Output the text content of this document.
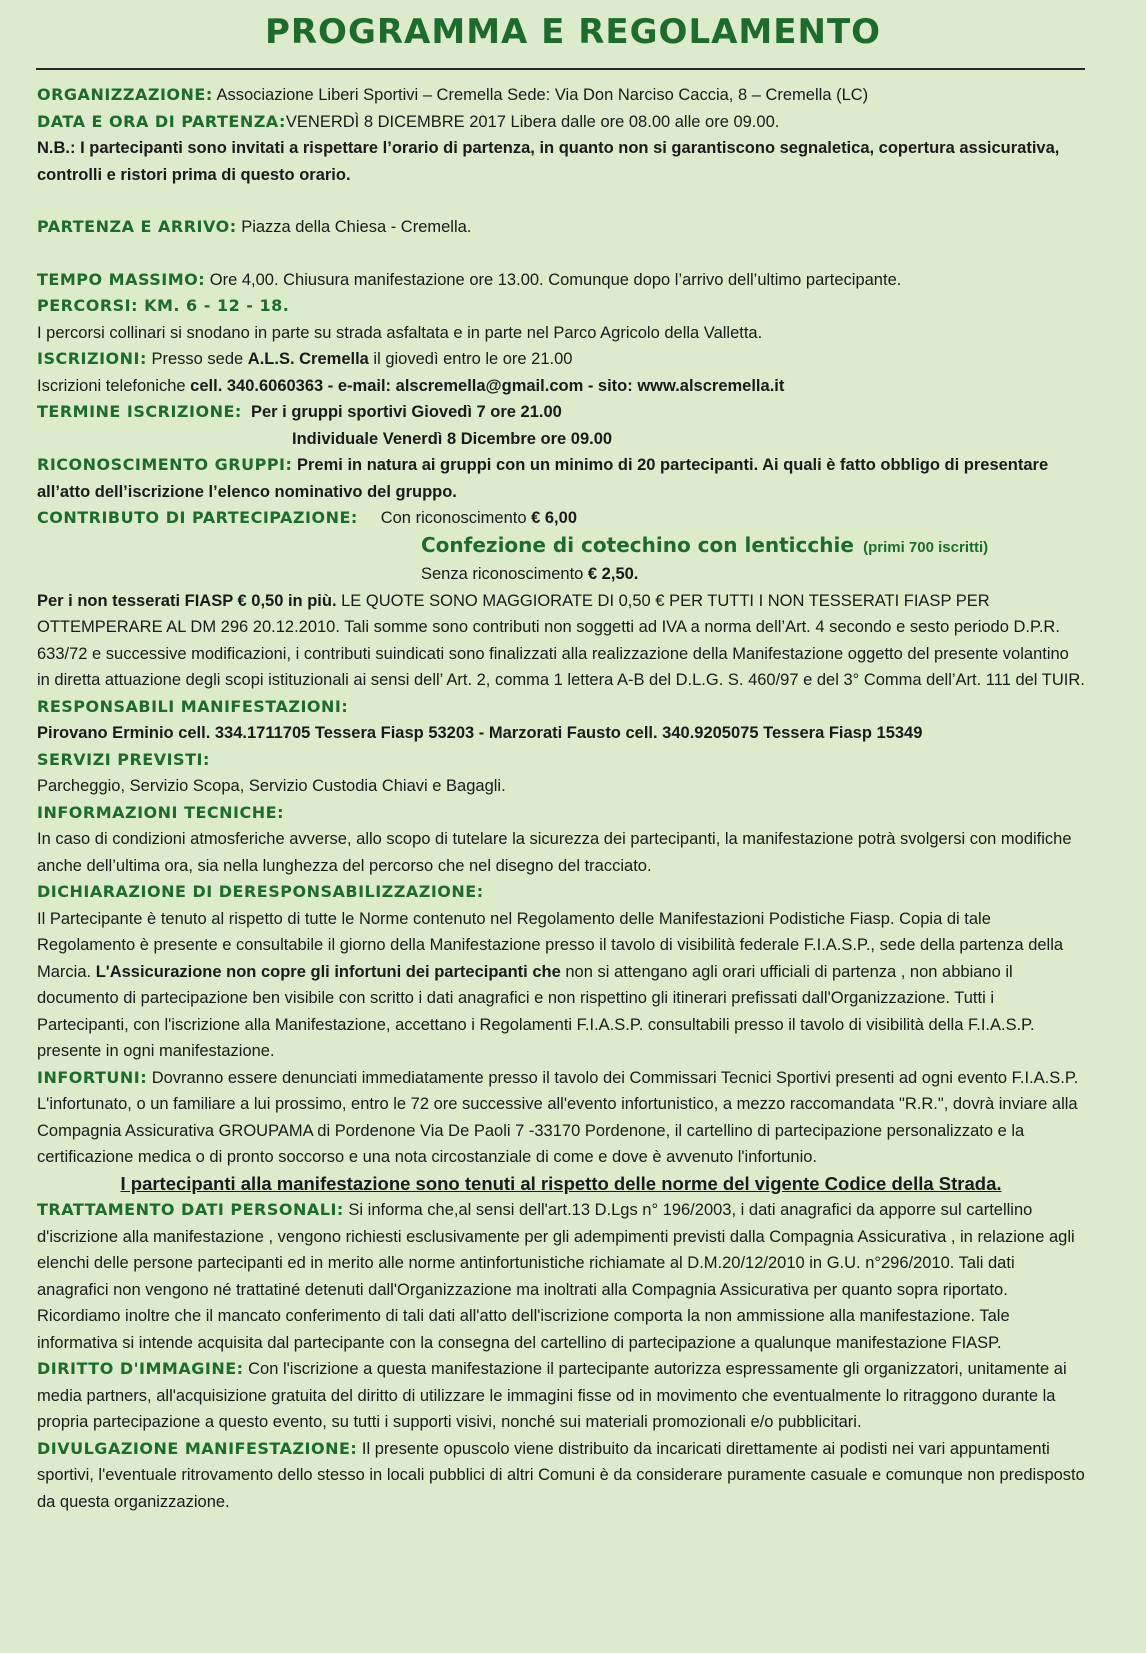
PROGRAMMA E REGOLAMENTO

ORGANIZZAZIONE: Associazione Liberi Sportivi – Cremella Sede: Via Don Narciso Caccia, 8 – Cremella (LC)

DATA E ORA DI PARTENZA:VENERDÌ 8 DICEMBRE 2017 Libera dalle ore 08.00 alle ore 09.00.

N.B.: I partecipanti sono invitati a rispettare l’orario di partenza, in quanto non si garantiscono segnaletica, copertura assicurativa, controlli e ristori prima di questo orario.

PARTENZA E ARRIVO: Piazza della Chiesa - Cremella.

TEMPO MASSIMO: Ore 4,00. Chiusura manifestazione ore 13.00. Comunque dopo l’arrivo dell’ultimo partecipante.

PERCORSI: KM. 6 - 12 - 18.

I percorsi collinari si snodano in parte su strada asfaltata e in parte nel Parco Agricolo della Valletta.

ISCRIZIONI: Presso sede A.L.S. Cremella il giovedì entro le ore 21.00

Iscrizioni telefoniche cell. 340.6060363 - e-mail: alscremella@gmail.com - sito: www.alscremella.it

TERMINE ISCRIZIONE: Per i gruppi sportivi Giovedì 7 ore 21.00

Individuale Venerdì 8 Dicembre ore 09.00

RICONOSCIMENTO GRUPPI: Premi in natura ai gruppi con un minimo di 20 partecipanti. Ai quali è fatto obbligo di presentare all’atto dell’iscrizione l’elenco nominativo del gruppo.

CONTRIBUTO DI PARTECIPAZIONE: Con riconoscimento € 6,00

Confezione di cotechino con lenticchie (primi 700 iscritti)

Senza riconoscimento € 2,50.

Per i non tesserati FIASP € 0,50 in più. LE QUOTE SONO MAGGIORATE DI 0,50 € PER TUTTI I NON TESSERATI FIASP PER OTTEMPERARE AL DM 296 20.12.2010. Tali somme sono contributi non soggetti ad IVA a norma dell’Art. 4 secondo e sesto periodo D.P.R. 633/72 e successive modificazioni, i contributi suindicati sono finalizzati alla realizzazione della Manifestazione oggetto del presente volantino in diretta attuazione degli scopi istituzionali ai sensi dell’ Art. 2, comma 1 lettera A-B del D.L.G. S. 460/97 e del 3° Comma dell’Art. 111 del TUIR.

RESPONSABILI MANIFESTAZIONI:

Pirovano Erminio cell. 334.1711705 Tessera Fiasp 53203 - Marzorati Fausto cell. 340.9205075 Tessera Fiasp 15349

SERVIZI PREVISTI:

Parcheggio, Servizio Scopa, Servizio Custodia Chiavi e Bagagli.

INFORMAZIONI TECNICHE:

In caso di condizioni atmosferiche avverse, allo scopo di tutelare la sicurezza dei partecipanti, la manifestazione potrà svolgersi con modifiche anche dell’ultima ora, sia nella lunghezza del percorso che nel disegno del tracciato.

DICHIARAZIONE DI DERESPONSABILIZZAZIONE:

Il Partecipante è tenuto al rispetto di tutte le Norme contenuto nel Regolamento delle Manifestazioni Podistiche Fiasp. Copia di tale Regolamento è presente e consultabile il giorno della Manifestazione presso il tavolo di visibilità federale F.I.A.S.P., sede della partenza della Marcia. L'Assicurazione non copre gli infortuni dei partecipanti che non si attengano agli orari ufficiali di partenza , non abbiano il documento di partecipazione ben visibile con scritto i dati anagrafici e non rispettino gli itinerari prefissati dall'Organizzazione. Tutti i Partecipanti, con l'iscrizione alla Manifestazione, accettano i Regolamenti F.I.A.S.P. consultabili presso il tavolo di visibilità della F.I.A.S.P. presente in ogni manifestazione.

INFORTUNI: Dovranno essere denunciati immediatamente presso il tavolo dei Commissari Tecnici Sportivi presenti ad ogni evento F.I.A.S.P. L'infortunato, o un familiare a lui prossimo, entro le 72 ore successive all'evento infortunistico, a mezzo raccomandata "R.R.", dovrà inviare alla Compagnia Assicurativa GROUPAMA di Pordenone Via De Paoli 7 -33170 Pordenone, il cartellino di partecipazione personalizzato e la certificazione medica o di pronto soccorso e una nota circostanziale di come e dove è avvenuto l'infortunio.

I partecipanti alla manifestazione sono tenuti al rispetto delle norme del vigente Codice della Strada.

TRATTAMENTO DATI PERSONALI: Si informa che,al sensi dell'art.13 D.Lgs n° 196/2003, i dati anagrafici da apporre sul cartellino d'iscrizione alla manifestazione , vengono richiesti esclusivamente per gli adempimenti previsti dalla Compagnia Assicurativa , in relazione agli elenchi delle persone partecipanti ed in merito alle norme antinfortunistiche richiamate al D.M.20/12/2010 in G.U. n°296/2010. Tali dati anagrafici non vengono né trattatiné detenuti dall'Organizzazione ma inoltrati alla Compagnia Assicurativa per quanto sopra riportato. Ricordiamo inoltre che il mancato conferimento di tali dati all'atto dell'iscrizione comporta la non ammissione alla manifestazione. Tale informativa si intende acquisita dal partecipante con la consegna del cartellino di partecipazione a qualunque manifestazione FIASP.

DIRITTO D'IMMAGINE: Con l'iscrizione a questa manifestazione il partecipante autorizza espressamente gli organizzatori, unitamente ai media partners, all'acquisizione gratuita del diritto di utilizzare le immagini fisse od in movimento che eventualmente lo ritraggono durante la propria partecipazione a questo evento, su tutti i supporti visivi, nonché sui materiali promozionali e/o pubblicitari.

DIVULGAZIONE MANIFESTAZIONE: Il presente opuscolo viene distribuito da incaricati direttamente ai podisti nei vari appuntamenti sportivi, l'eventuale ritrovamento dello stesso in locali pubblici di altri Comuni è da considerare puramente casuale e comunque non predisposto da questa organizzazione.
